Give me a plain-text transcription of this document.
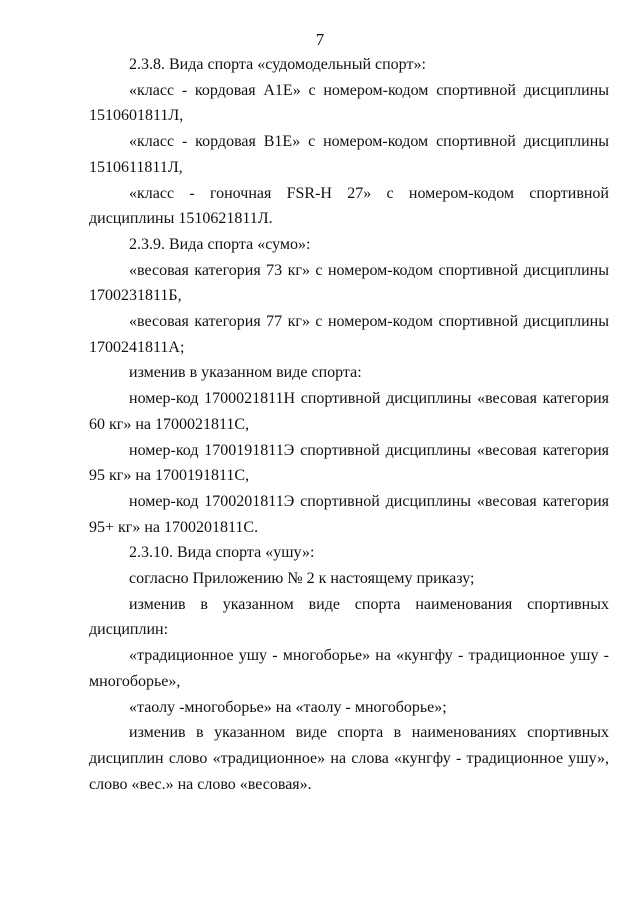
7

2.3.8. Вида спорта «судомодельный спорт»:

«класс - кордовая A1E» с номером-кодом спортивной дисциплины 1510601811Л,

«класс - кордовая B1E» с номером-кодом спортивной дисциплины 1510611811Л,

«класс - гоночная FSR-H 27» с номером-кодом спортивной дисциплины 1510621811Л.

2.3.9. Вида спорта «сумо»:

«весовая категория 73 кг» с номером-кодом спортивной дисциплины 1700231811Б,

«весовая категория 77 кг» с номером-кодом спортивной дисциплины 1700241811А;

изменив в указанном виде спорта:

номер-код 1700021811Н спортивной дисциплины «весовая категория 60 кг» на 1700021811С,

номер-код 1700191811Э спортивной дисциплины «весовая категория 95 кг» на 1700191811С,

номер-код 1700201811Э спортивной дисциплины «весовая категория 95+ кг» на 1700201811С.

2.3.10. Вида спорта «ушу»:

согласно Приложению № 2 к настоящему приказу;

изменив в указанном виде спорта наименования спортивных дисциплин:

«традиционное ушу - многоборье» на «кунгфу - традиционное ушу - многоборье»,

«таолу -многоборье» на «таолу - многоборье»;

изменив в указанном виде спорта в наименованиях спортивных дисциплин слово «традиционное» на слова «кунгфу - традиционное ушу», слово «вес.» на слово «весовая».
